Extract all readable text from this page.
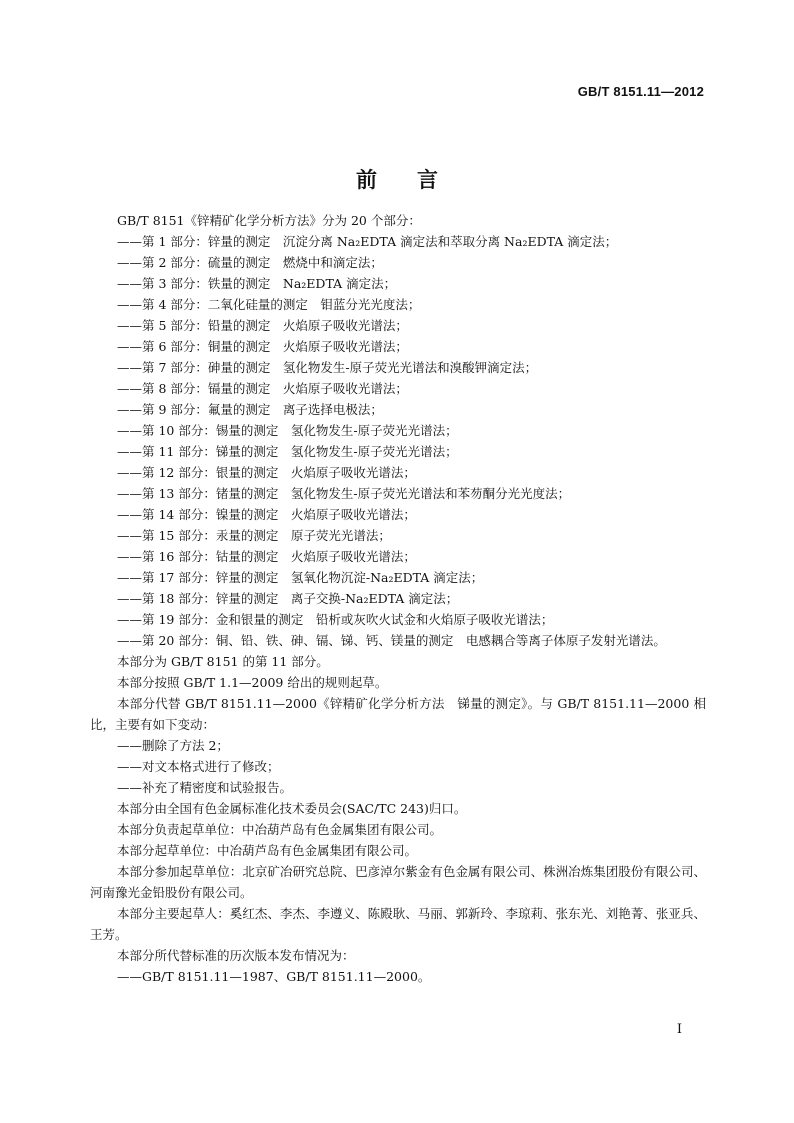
GB/T 8151.11—2012
前言

GB/T 8151《锌精矿化学分析方法》分为 20 个部分：

——第 1 部分：锌量的测定　沉淀分离 Na₂EDTA 滴定法和萃取分离 Na₂EDTA 滴定法；
——第 2 部分：硫量的测定　燃烧中和滴定法；
——第 3 部分：铁量的测定　Na₂EDTA 滴定法；
——第 4 部分：二氧化硅量的测定　钼蓝分光光度法；
——第 5 部分：铅量的测定　火焰原子吸收光谱法；
——第 6 部分：铜量的测定　火焰原子吸收光谱法；
——第 7 部分：砷量的测定　氢化物发生-原子荧光光谱法和溴酸钾滴定法；
——第 8 部分：镉量的测定　火焰原子吸收光谱法；
——第 9 部分：氟量的测定　离子选择电极法；
——第 10 部分：锡量的测定　氢化物发生-原子荧光光谱法；
——第 11 部分：锑量的测定　氢化物发生-原子荧光光谱法；
——第 12 部分：银量的测定　火焰原子吸收光谱法；
——第 13 部分：锗量的测定　氢化物发生-原子荧光光谱法和苯芴酮分光光度法；
——第 14 部分：镍量的测定　火焰原子吸收光谱法；
——第 15 部分：汞量的测定　原子荧光光谱法；
——第 16 部分：钴量的测定　火焰原子吸收光谱法；
——第 17 部分：锌量的测定　氢氧化物沉淀-Na₂EDTA 滴定法；
——第 18 部分：锌量的测定　离子交换-Na₂EDTA 滴定法；
——第 19 部分：金和银量的测定　铅析或灰吹火试金和火焰原子吸收光谱法；
——第 20 部分：铜、铅、铁、砷、镉、锑、钙、镁量的测定　电感耦合等离子体原子发射光谱法。

本部分为 GB/T 8151 的第 11 部分。

本部分按照 GB/T 1.1—2009 给出的规则起草。

本部分代替 GB/T 8151.11—2000《锌精矿化学分析方法　锑量的测定》。与 GB/T 8151.11—2000 相比，主要有如下变动：

——删除了方法 2；
——对文本格式进行了修改；
——补充了精密度和试验报告。

本部分由全国有色金属标准化技术委员会(SAC/TC 243)归口。

本部分负责起草单位：中冶葫芦岛有色金属集团有限公司。

本部分起草单位：中冶葫芦岛有色金属集团有限公司。

本部分参加起草单位：北京矿冶研究总院、巴彦淖尔紫金有色金属有限公司、株洲冶炼集团股份有限公司、河南豫光金铅股份有限公司。

本部分主要起草人：奚红杰、李杰、李遵义、陈殿耿、马丽、郭新玲、李琼莉、张东光、刘艳菁、张亚兵、王芳。

本部分所代替标准的历次版本发布情况为：

——GB/T 8151.11—1987、GB/T 8151.11—2000。
I
